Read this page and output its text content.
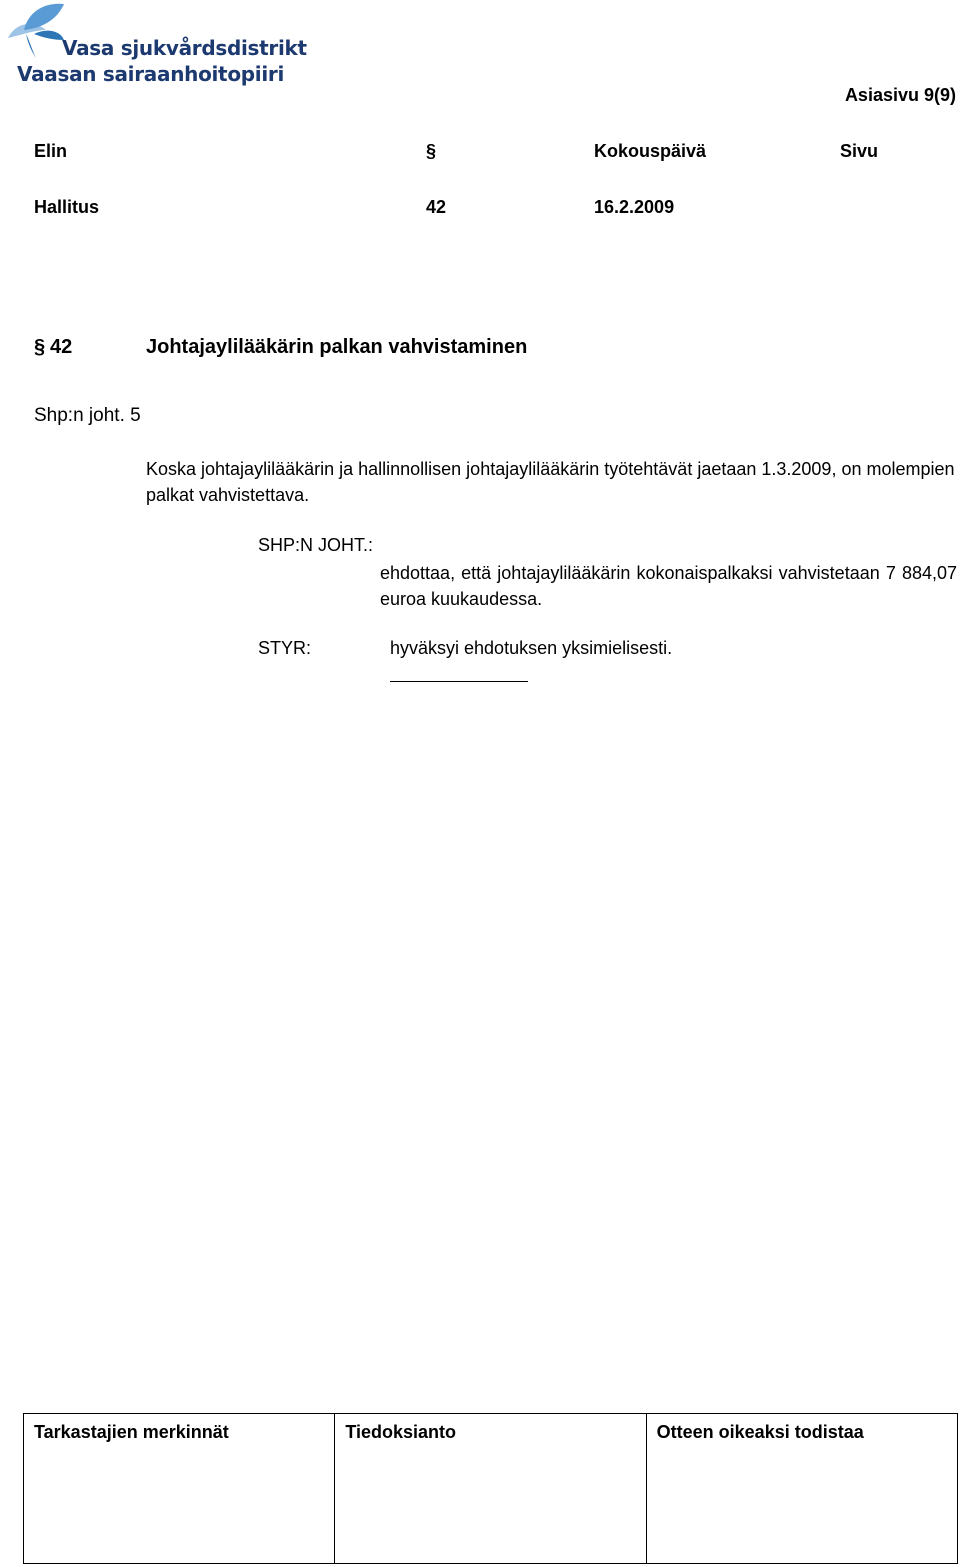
Vasa sjukvårdsdistrikt
Vaasan sairaanhoitopiiri
Asiasivu 9(9)
Elin	§	Kokouspäivä	Sivu
Hallitus	42	16.2.2009
§ 42	Johtajaylilääkärin palkan vahvistaminen
Shp:n joht. 5
Koska johtajaylilääkärin ja hallinnollisen johtajaylilääkärin työtehtävät jaetaan 1.3.2009, on molempien palkat vahvistettava.
SHP:N JOHT.:
ehdottaa, että johtajaylilääkärin kokonaispalkaksi vahvistetaan 7 884,07 euroa kuukaudessa.
STYR:	hyväksyi ehdotuksen yksimielisesti.
Tarkastajien merkinnät	Tiedoksianto	Otteen oikeaksi todistaa
